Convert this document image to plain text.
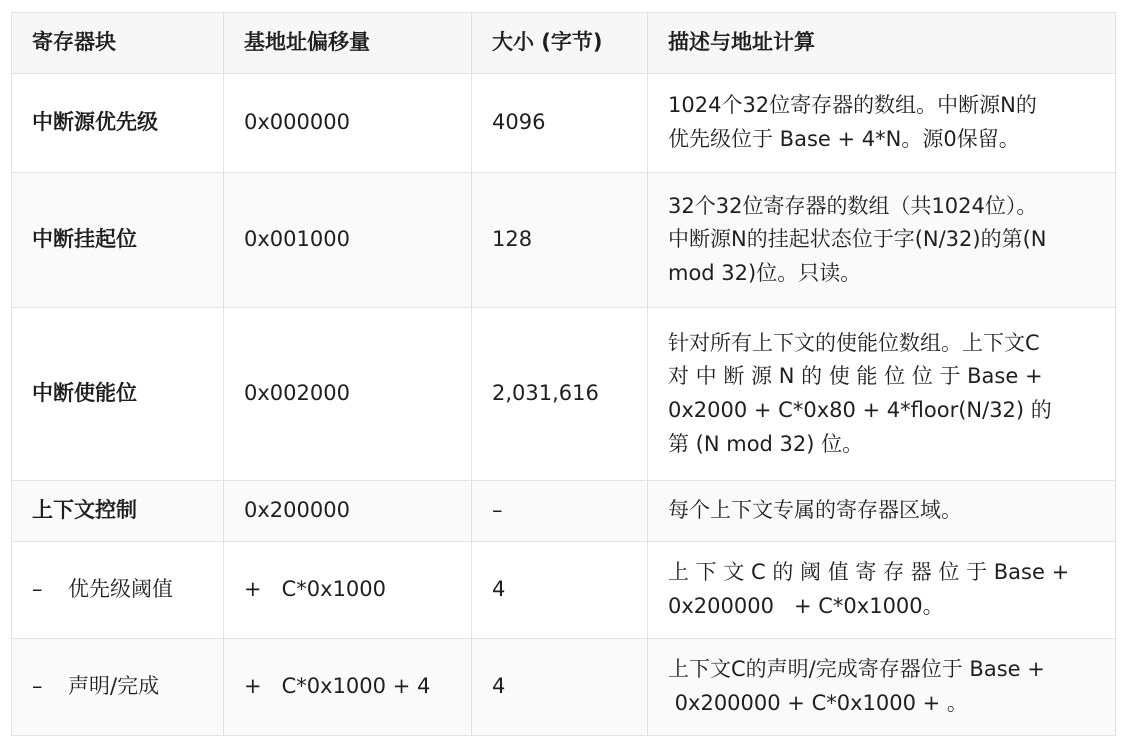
寄存器块	基地址偏移量	大小 (字节)	描述与地址计算
中断源优先级	0x000000	4096	1024个32位寄存器的数组。中断源N的
优先级位于 Base + 4*N。源0保留。

中断挂起位	0x001000	128	32个32位寄存器的数组（共1024位）。
中断源N的挂起状态位于字(N/32)的第(N
mod 32)位。只读。

中断使能位	0x002000	2,031,616	针对所有上下文的使能位数组。上下文C
对 中 断 源 N 的 使 能 位 位 于 Base +
0x2000 + C*0x80 + 4*floor(N/32) 的
第 (N mod 32) 位。

上下文控制	0x200000	–	每个上下文专属的寄存器区域。

– 优先级阈值	+   C*0x1000	4	上 下 文 C 的 阈 值 寄 存 器 位 于 Base +
0x200000   + C*0x1000。

– 声明/完成	+   C*0x1000 + 4	4	上下文C的声明/完成寄存器位于 Base +
0x200000 + C*0x1000 + 。
